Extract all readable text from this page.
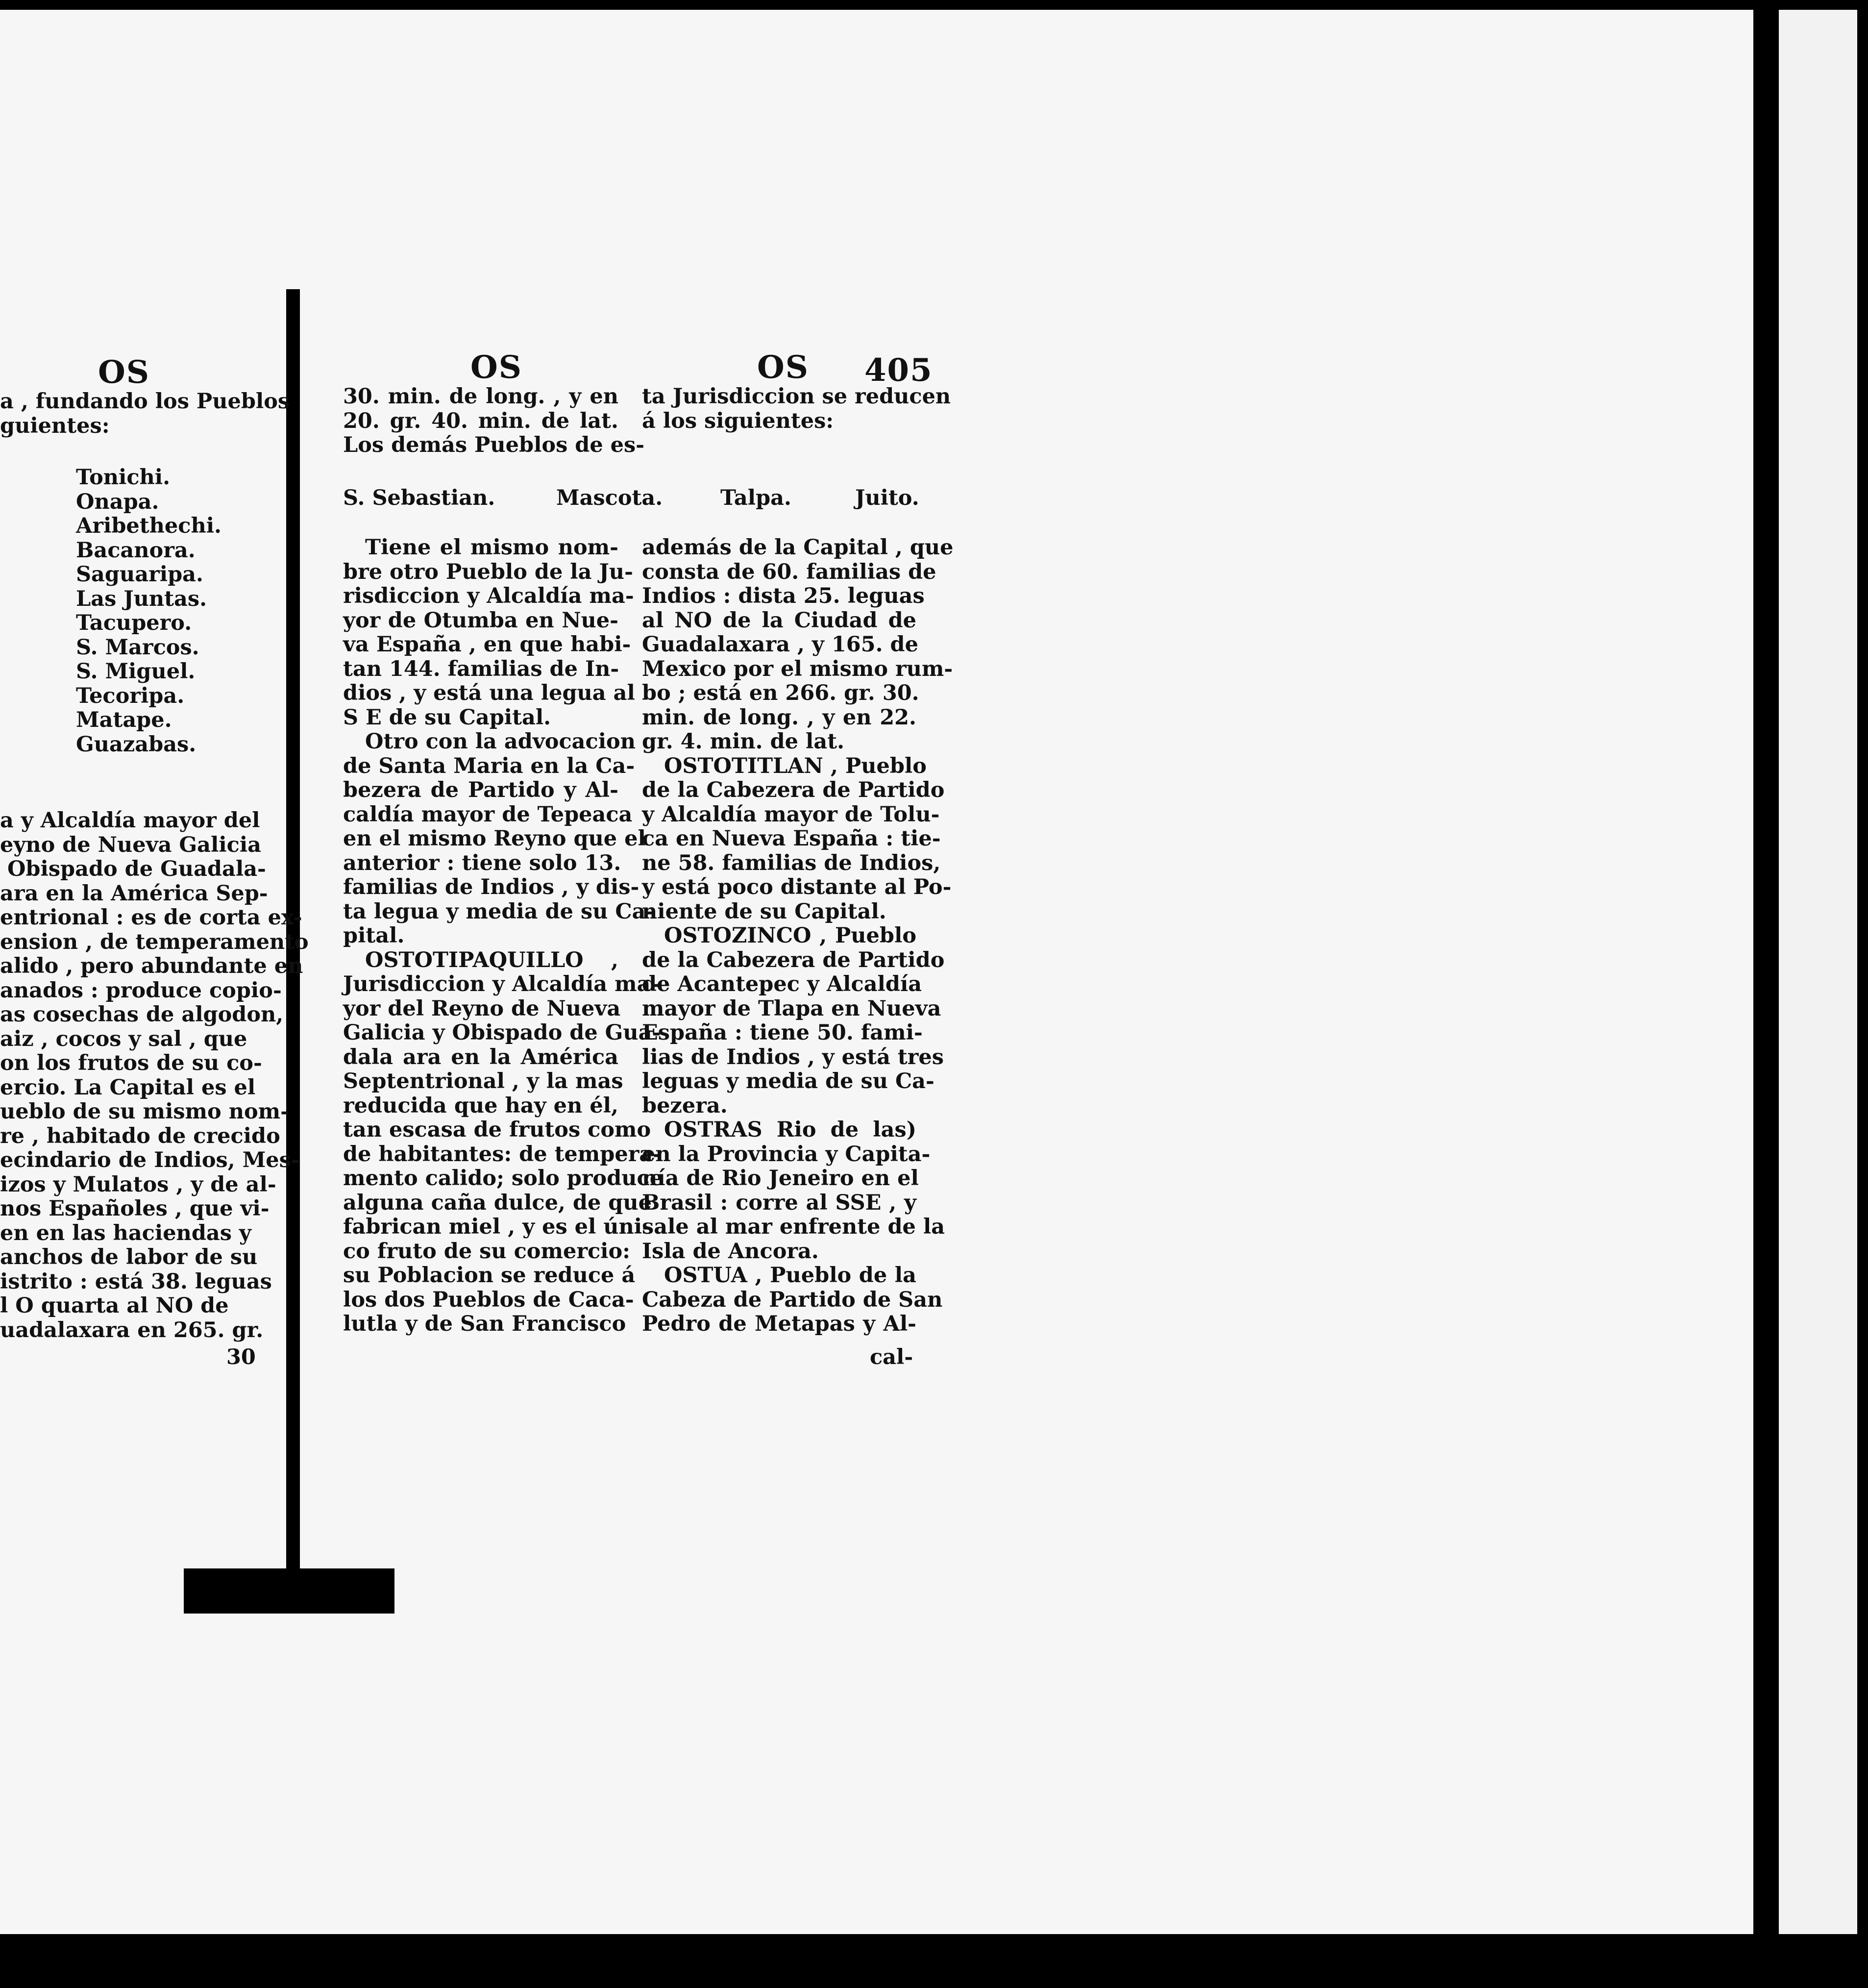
OS
a , fundando los Pueblos
guientes:

Tonichi.

Onapa.

Aribethechi.

Bacanora.

Saguaripa.

Las Juntas.

Tacupero.

S. Marcos.

S. Miguel.

Tecoripa.

Matape.

Guazabas.

a y Alcaldía mayor del
eyno de Nueva Galicia
Obispado de Guadala-
ara en la América Sep-
entrional : es de corta ex-
ension , de temperamento
alido , pero abundante en
anados : produce copio-
as cosechas de algodon,
aiz , cocos y sal , que
on los frutos de su co-
ercio. La Capital es el
ueblo de su mismo nom-
re , habitado de crecido
ecindario de Indios, Mes-
izos y Mulatos , y de al-
nos Españoles , que vi-
en en las haciendas y
anchos de labor de su
istrito : está 38. leguas
l O quarta al NO de
uadalaxara en 265. gr.
30
OS	OS 405

30. min. de long. , y en

20. gr. 40. min. de lat.

Los demás Pueblos de es-

ta Jurisdiccion se reducen

á los siguientes:

S. Sebastian.	Mascota.	Talpa.	Juito.

Tiene el mismo nom-

bre otro Pueblo de la Ju-

risdiccion y Alcaldía ma-

yor de Otumba en Nue-

va España , en que habi-

tan 144. familias de In-

dios , y está una legua al

S E de su Capital.

Otro con la advocacion

de Santa Maria en la Ca-

bezera de Partido y Al-

caldía mayor de Tepeaca

en el mismo Reyno que el

anterior : tiene solo 13.

familias de Indios , y dis-

ta legua y media de su Ca-

pital.

OSTOTIPAQUILLO ,

Jurisdiccion y Alcaldía ma-

yor del Reyno de Nueva

Galicia y Obispado de Gua-

dala ara en la América

Septentrional , y la mas

reducida que hay en él,

tan escasa de frutos como

de habitantes: de tempera-

mento calido; solo produce

alguna caña dulce, de que

fabrican miel , y es el úni-

co fruto de su comercio:

su Poblacion se reduce á

los dos Pueblos de Caca-

lutla y de San Francisco

además de la Capital , que

consta de 60. familias de

Indios : dista 25. leguas

al NO de la Ciudad de

Guadalaxara , y 165. de

Mexico por el mismo rum-

bo ; está en 266. gr. 30.

min. de long. , y en 22.

gr. 4. min. de lat.

OSTOTITLAN , Pueblo

de la Cabezera de Partido

y Alcaldía mayor de Tolu-

ca en Nueva España : tie-

ne 58. familias de Indios,

y está poco distante al Po-

niente de su Capital.

OSTOZINCO , Pueblo

de la Cabezera de Partido

de Acantepec y Alcaldía

mayor de Tlapa en Nueva

España : tiene 50. fami-

lias de Indios , y está tres

leguas y media de su Ca-

bezera.

OSTRAS Rio de las)

en la Provincia y Capita-

nía de Rio Jeneiro en el

Brasil : corre al SSE , y

sale al mar enfrente de la

Isla de Ancora.

OSTUA , Pueblo de la

Cabeza de Partido de San

Pedro de Metapas y Al-

cal-
